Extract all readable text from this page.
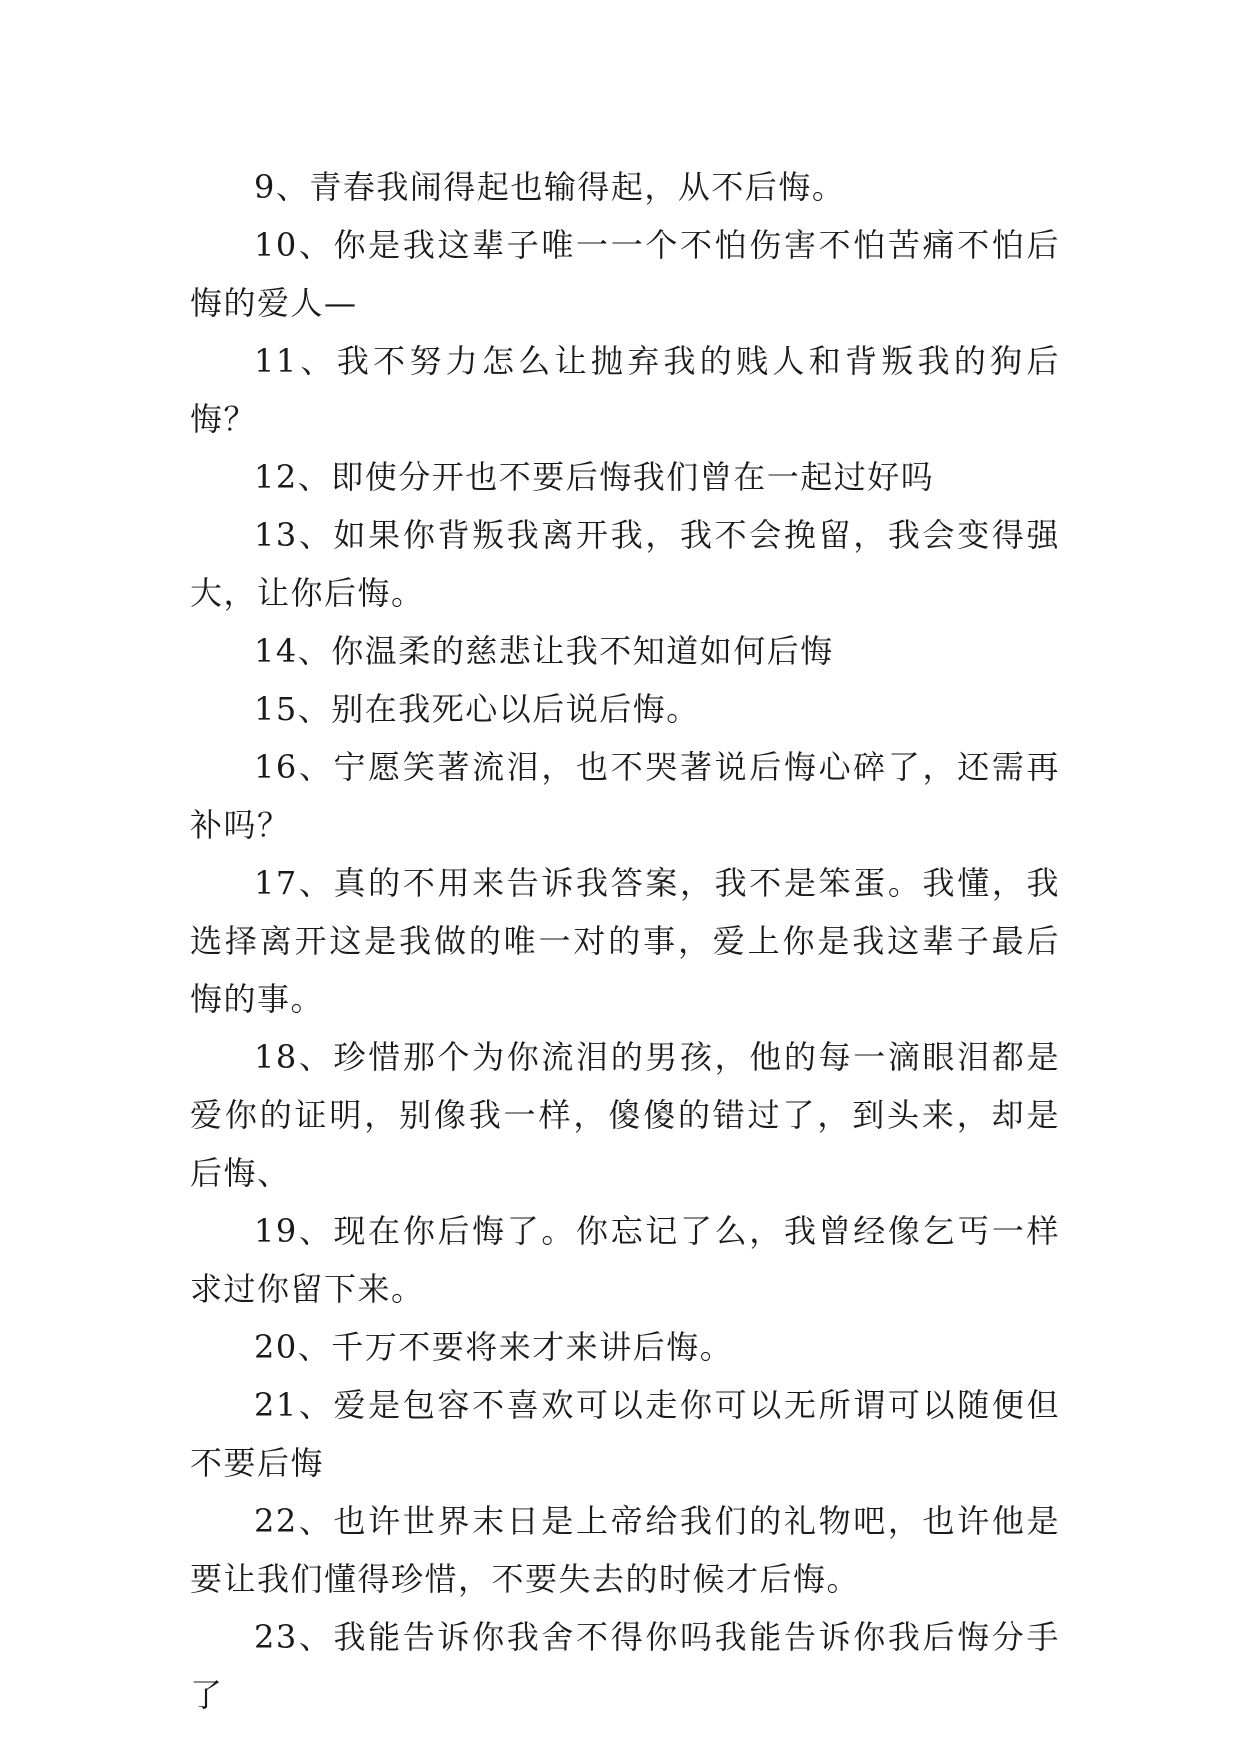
9、青春我闹得起也输得起，从不后悔。

10、你是我这辈子唯一一个不怕伤害不怕苦痛不怕后悔的爱人—

11、我不努力怎么让抛弃我的贱人和背叛我的狗后悔？

12、即使分开也不要后悔我们曾在一起过好吗

13、如果你背叛我离开我，我不会挽留，我会变得强大，让你后悔。

14、你温柔的慈悲让我不知道如何后悔

15、别在我死心以后说后悔。

16、宁愿笑著流泪，也不哭著说后悔心碎了，还需再补吗？

17、真的不用来告诉我答案，我不是笨蛋。我懂，我选择离开这是我做的唯一对的事，爱上你是我这辈子最后悔的事。

18、珍惜那个为你流泪的男孩，他的每一滴眼泪都是爱你的证明，别像我一样，傻傻的错过了，到头来，却是后悔、

19、现在你后悔了。你忘记了么，我曾经像乞丐一样求过你留下来。

20、千万不要将来才来讲后悔。

21、爱是包容不喜欢可以走你可以无所谓可以随便但不要后悔

22、也许世界末日是上帝给我们的礼物吧，也许他是要让我们懂得珍惜，不要失去的时候才后悔。

23、我能告诉你我舍不得你吗我能告诉你我后悔分手了
